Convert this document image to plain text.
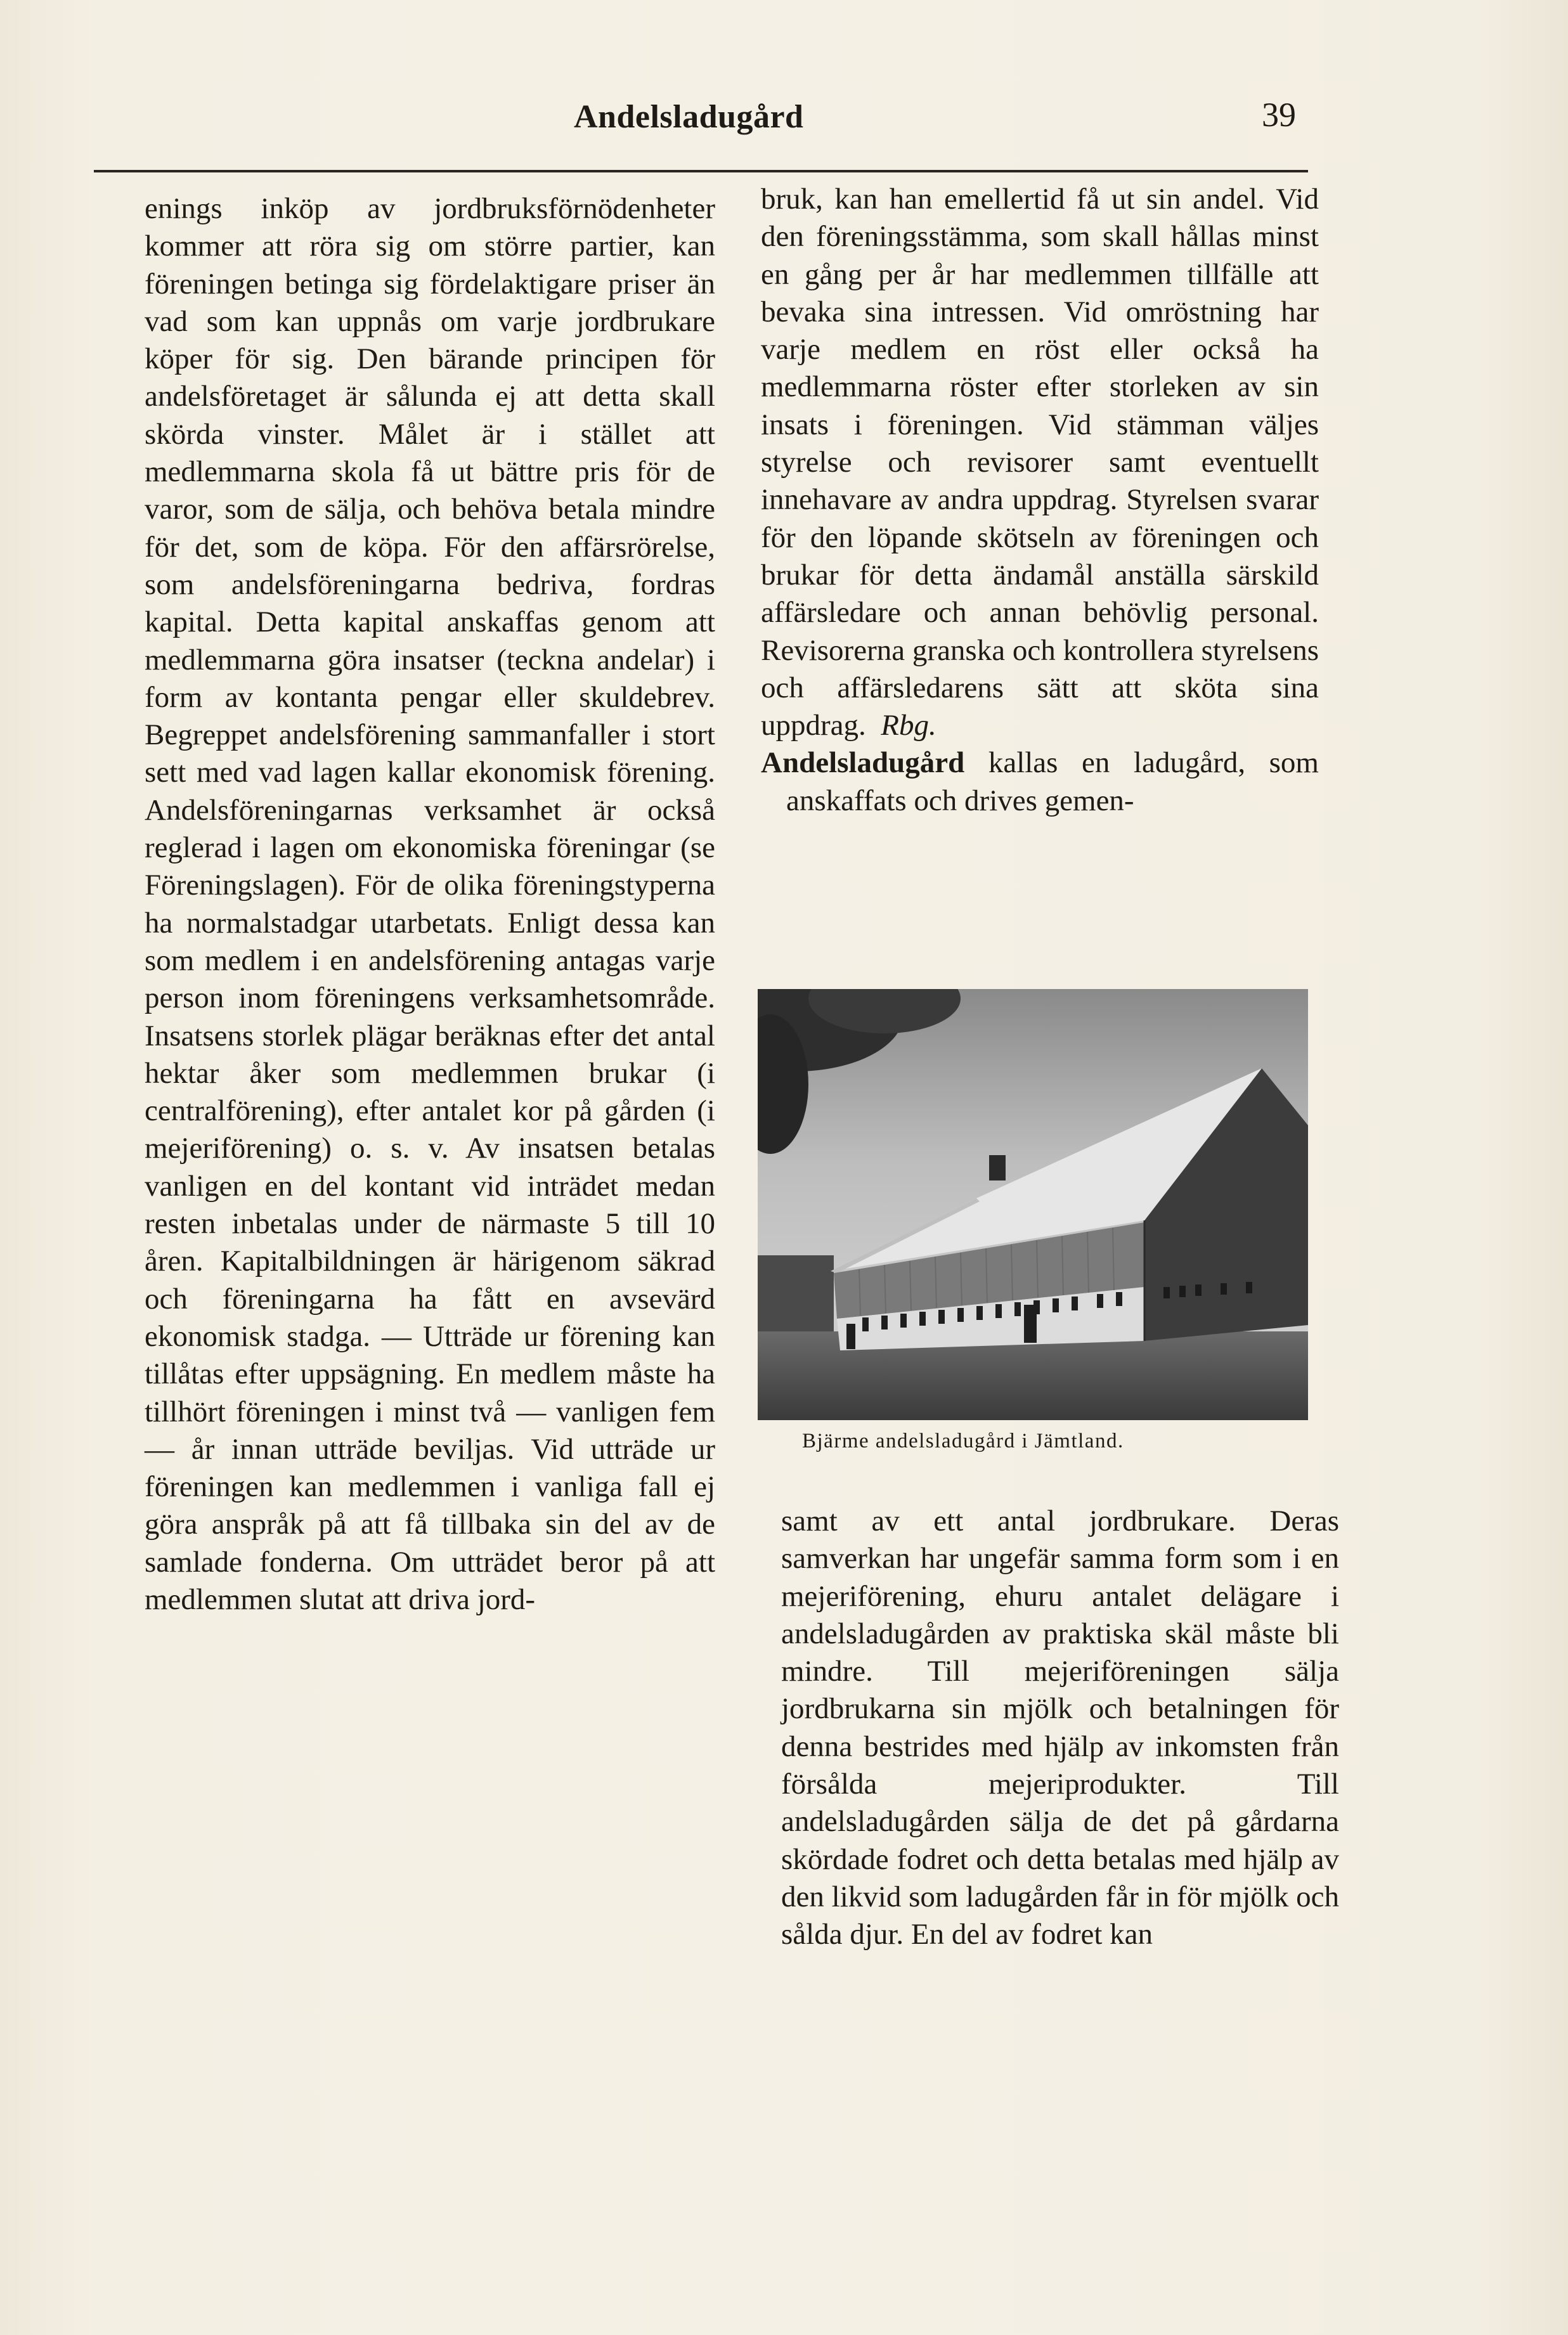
Andelsladugård	39

enings inköp av jordbruksförnödenheter kommer att röra sig om större partier, kan föreningen betinga sig fördelaktigare priser än vad som kan uppnås om varje jordbrukare köper för sig. Den bärande principen för andelsföretaget är sålunda ej att detta skall skörda vinster. Målet är i stället att medlemmarna skola få ut bättre pris för de varor, som de sälja, och behöva betala mindre för det, som de köpa. För den affärsrörelse, som andelsföreningarna bedriva, fordras kapital. Detta kapital anskaffas genom att medlemmarna göra insatser (teckna andelar) i form av kontanta pengar eller skuldebrev. Begreppet andelsförening sammanfaller i stort sett med vad lagen kallar ekonomisk förening. Andelsföreningarnas verksamhet är också reglerad i lagen om ekonomiska föreningar (se Föreningslagen). För de olika föreningstyperna ha normalstadgar utarbetats. Enligt dessa kan som medlem i en andelsförening antagas varje person inom föreningens verksamhetsområde. Insatsens storlek plägar beräknas efter det antal hektar åker som medlemmen brukar (i centralförening), efter antalet kor på gården (i mejeriförening) o. s. v. Av insatsen betalas vanligen en del kontant vid inträdet medan resten inbetalas under de närmaste 5 till 10 åren. Kapitalbildningen är härigenom säkrad och föreningarna ha fått en avsevärd ekonomisk stadga. — Utträde ur förening kan tillåtas efter uppsägning. En medlem måste ha tillhört föreningen i minst två — vanligen fem — år innan utträde beviljas. Vid utträde ur föreningen kan medlemmen i vanliga fall ej göra anspråk på att få tillbaka sin del av de samlade fonderna. Om utträdet beror på att medlemmen slutat att driva jord-

bruk, kan han emellertid få ut sin andel. Vid den föreningsstämma, som skall hållas minst en gång per år har medlemmen tillfälle att bevaka sina intressen. Vid omröstning har varje medlem en röst eller också ha medlemmarna röster efter storleken av sin insats i föreningen. Vid stämman väljes styrelse och revisorer samt eventuellt innehavare av andra uppdrag. Styrelsen svarar för den löpande skötseln av föreningen och brukar för detta ändamål anställa särskild affärsledare och annan behövlig personal. Revisorerna granska och kontrollera styrelsens och affärsledarens sätt att sköta sina uppdrag. Rbg.

Andelsladugård kallas en ladugård, som anskaffats och drives gemen-

Bjärme andelsladugård i Jämtland.

samt av ett antal jordbrukare. Deras samverkan har ungefär samma form som i en mejeriförening, ehuru antalet delägare i andelsladugården av praktiska skäl måste bli mindre. Till mejeriföreningen sälja jordbrukarna sin mjölk och betalningen för denna bestrides med hjälp av inkomsten från försålda mejeriprodukter. Till andelsladugården sälja de det på gårdarna skördade fodret och detta betalas med hjälp av den likvid som ladugården får in för mjölk och sålda djur. En del av fodret kan
